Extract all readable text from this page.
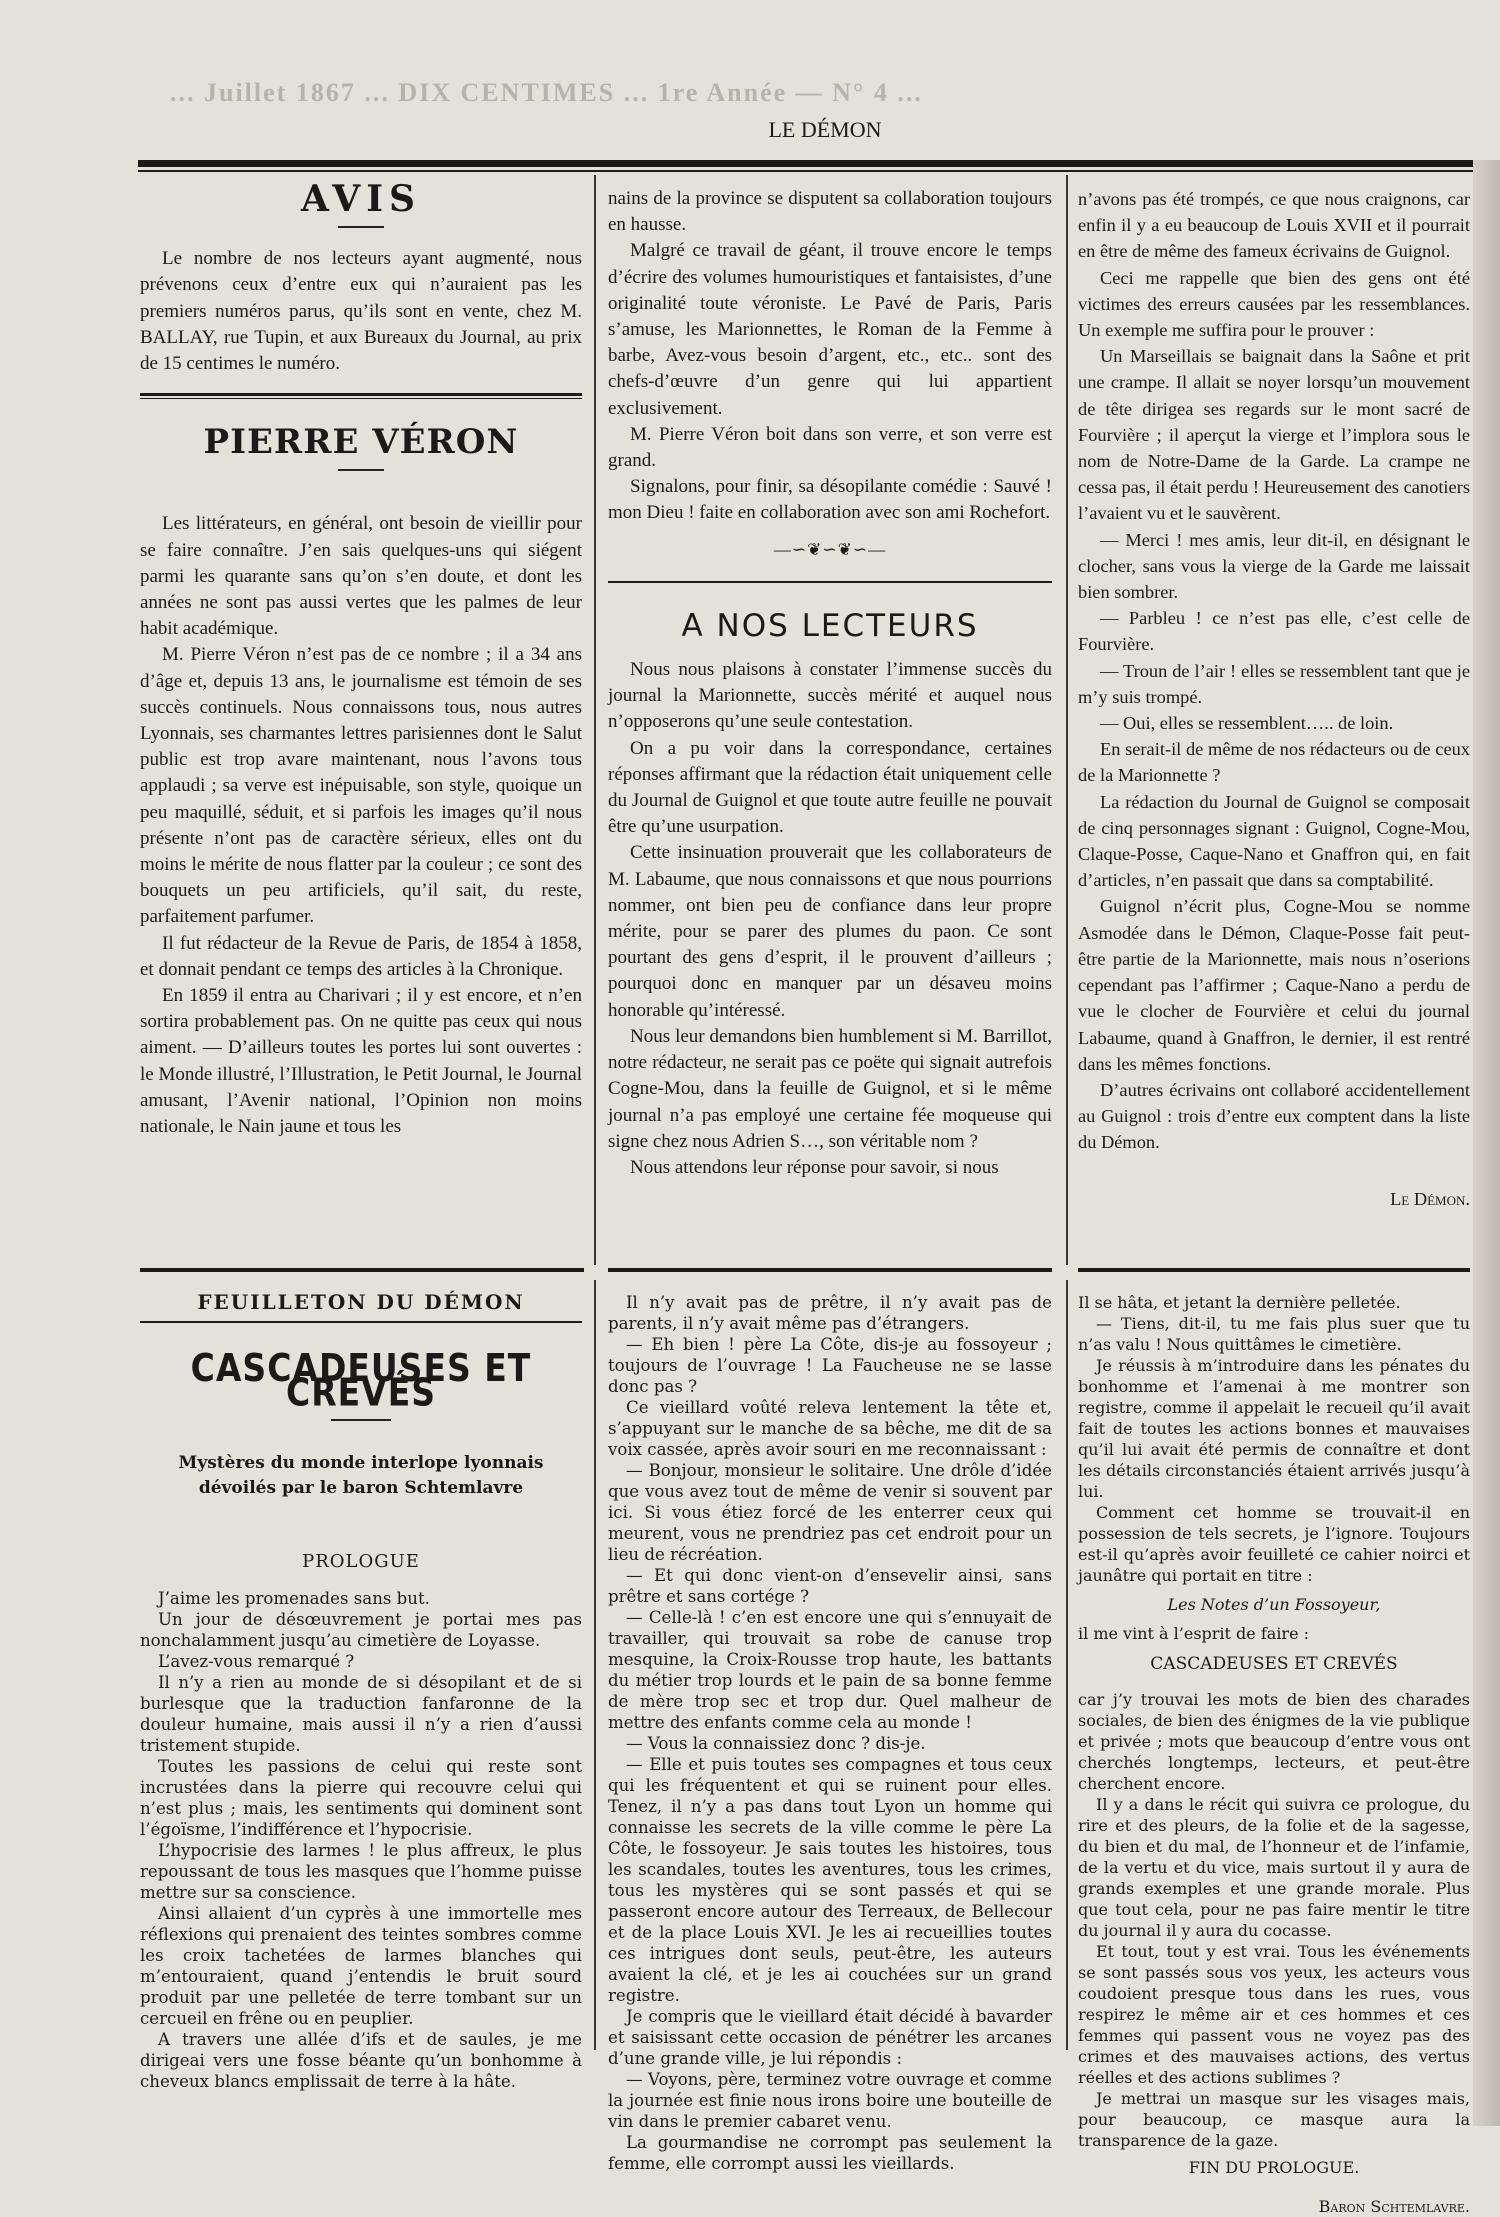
... Juillet 1867 ... DIX CENTIMES ... 1re Année — N° 4 ...
LE DÉMON
AVIS

Le nombre de nos lecteurs ayant augmenté, nous prévenons ceux d’entre eux qui n’auraient pas les premiers numéros parus, qu’ils sont en vente, chez M. BALLAY, rue Tupin, et aux Bureaux du Journal, au prix de 15 centimes le numéro.

PIERRE VÉRON

Les littérateurs, en général, ont besoin de vieillir pour se faire connaître. J’en sais quelques-uns qui siégent parmi les quarante sans qu’on s’en doute, et dont les années ne sont pas aussi vertes que les palmes de leur habit académique.

M. Pierre Véron n’est pas de ce nombre ; il a 34 ans d’âge et, depuis 13 ans, le journalisme est témoin de ses succès continuels. Nous connaissons tous, nous autres Lyonnais, ses charmantes lettres parisiennes dont le Salut public est trop avare maintenant, nous l’avons tous applaudi ; sa verve est inépuisable, son style, quoique un peu maquillé, séduit, et si parfois les images qu’il nous présente n’ont pas de caractère sérieux, elles ont du moins le mérite de nous flatter par la couleur ; ce sont des bouquets un peu artificiels, qu’il sait, du reste, parfaitement parfumer.

Il fut rédacteur de la Revue de Paris, de 1854 à 1858, et donnait pendant ce temps des articles à la Chronique.

En 1859 il entra au Charivari ; il y est encore, et n’en sortira probablement pas. On ne quitte pas ceux qui nous aiment. — D’ailleurs toutes les portes lui sont ouvertes : le Monde illustré, l’Illustration, le Petit Journal, le Journal amusant, l’Avenir national, l’Opinion non moins nationale, le Nain jaune et tous les

nains de la province se disputent sa collaboration toujours en hausse.

Malgré ce travail de géant, il trouve encore le temps d’écrire des volumes humouristiques et fantaisistes, d’une originalité toute véroniste. Le Pavé de Paris, Paris s’amuse, les Marionnettes, le Roman de la Femme à barbe, Avez-vous besoin d’argent, etc., etc.. sont des chefs-d’œuvre d’un genre qui lui appartient exclusivement.

M. Pierre Véron boit dans son verre, et son verre est grand.

Signalons, pour finir, sa désopilante comédie : Sauvé ! mon Dieu ! faite en collaboration avec son ami Rochefort.

—∽❦∽❦∽—
A NOS LECTEURS

Nous nous plaisons à constater l’immense succès du journal la Marionnette, succès mérité et auquel nous n’opposerons qu’une seule contestation.

On a pu voir dans la correspondance, certaines réponses affirmant que la rédaction était uniquement celle du Journal de Guignol et que toute autre feuille ne pouvait être qu’une usurpation.

Cette insinuation prouverait que les collaborateurs de M. Labaume, que nous connaissons et que nous pourrions nommer, ont bien peu de confiance dans leur propre mérite, pour se parer des plumes du paon. Ce sont pourtant des gens d’esprit, il le prouvent d’ailleurs ; pourquoi donc en manquer par un désaveu moins honorable qu’intéressé.

Nous leur demandons bien humblement si M. Barrillot, notre rédacteur, ne serait pas ce poëte qui signait autrefois Cogne-Mou, dans la feuille de Guignol, et si le même journal n’a pas employé une certaine fée moqueuse qui signe chez nous Adrien S…, son véritable nom ?

Nous attendons leur réponse pour savoir, si nous

n’avons pas été trompés, ce que nous craignons, car enfin il y a eu beaucoup de Louis XVII et il pourrait en être de même des fameux écrivains de Guignol.

Ceci me rappelle que bien des gens ont été victimes des erreurs causées par les ressemblances. Un exemple me suffira pour le prouver :

Un Marseillais se baignait dans la Saône et prit une crampe. Il allait se noyer lorsqu’un mouvement de tête dirigea ses regards sur le mont sacré de Fourvière ; il aperçut la vierge et l’implora sous le nom de Notre-Dame de la Garde. La crampe ne cessa pas, il était perdu ! Heureusement des canotiers l’avaient vu et le sauvèrent.

— Merci ! mes amis, leur dit-il, en désignant le clocher, sans vous la vierge de la Garde me laissait bien sombrer.

— Parbleu ! ce n’est pas elle, c’est celle de Fourvière.

— Troun de l’air ! elles se ressemblent tant que je m’y suis trompé.

— Oui, elles se ressemblent….. de loin.

En serait-il de même de nos rédacteurs ou de ceux de la Marionnette ?

La rédaction du Journal de Guignol se composait de cinq personnages signant : Guignol, Cogne-Mou, Claque-Posse, Caque-Nano et Gnaffron qui, en fait d’articles, n’en passait que dans sa comptabilité.

Guignol n’écrit plus, Cogne-Mou se nomme Asmodée dans le Démon, Claque-Posse fait peut-être partie de la Marionnette, mais nous n’oserions cependant pas l’affirmer ; Caque-Nano a perdu de vue le clocher de Fourvière et celui du journal Labaume, quand à Gnaffron, le dernier, il est rentré dans les mêmes fonctions.

D’autres écrivains ont collaboré accidentellement au Guignol : trois d’entre eux comptent dans la liste du Démon.

Le Démon.
FEUILLETON DU DÉMON
CASCADEUSES ET CREVÉS
Mystères du monde interlope lyonnais dévoilés par le baron Schtemlavre
PROLOGUE

J’aime les promenades sans but.

Un jour de désœuvrement je portai mes pas nonchalamment jusqu’au cimetière de Loyasse.

L’avez-vous remarqué ?

Il n’y a rien au monde de si désopilant et de si burlesque que la traduction fanfaronne de la douleur humaine, mais aussi il n’y a rien d’aussi tristement stupide.

Toutes les passions de celui qui reste sont incrustées dans la pierre qui recouvre celui qui n’est plus ; mais, les sentiments qui dominent sont l’égoïsme, l’indifférence et l’hypocrisie.

L’hypocrisie des larmes ! le plus affreux, le plus repoussant de tous les masques que l’homme puisse mettre sur sa conscience.

Ainsi allaient d’un cyprès à une immortelle mes réflexions qui prenaient des teintes sombres comme les croix tachetées de larmes blanches qui m’entouraient, quand j’entendis le bruit sourd produit par une pelletée de terre tombant sur un cercueil en frêne ou en peuplier.

A travers une allée d’ifs et de saules, je me dirigeai vers une fosse béante qu’un bonhomme à cheveux blancs emplissait de terre à la hâte.

Il n’y avait pas de prêtre, il n’y avait pas de parents, il n’y avait même pas d’étrangers.

— Eh bien ! père La Côte, dis-je au fossoyeur ; toujours de l’ouvrage ! La Faucheuse ne se lasse donc pas ?

Ce vieillard voûté releva lentement la tête et, s’appuyant sur le manche de sa bêche, me dit de sa voix cassée, après avoir souri en me reconnaissant :

— Bonjour, monsieur le solitaire. Une drôle d’idée que vous avez tout de même de venir si souvent par ici. Si vous étiez forcé de les enterrer ceux qui meurent, vous ne prendriez pas cet endroit pour un lieu de récréation.

— Et qui donc vient-on d’ensevelir ainsi, sans prêtre et sans cortége ?

— Celle-là ! c’en est encore une qui s’ennuyait de travailler, qui trouvait sa robe de canuse trop mesquine, la Croix-Rousse trop haute, les battants du métier trop lourds et le pain de sa bonne femme de mère trop sec et trop dur. Quel malheur de mettre des enfants comme cela au monde !

— Vous la connaissiez donc ? dis-je.

— Elle et puis toutes ses compagnes et tous ceux qui les fréquentent et qui se ruinent pour elles. Tenez, il n’y a pas dans tout Lyon un homme qui connaisse les secrets de la ville comme le père La Côte, le fossoyeur. Je sais toutes les histoires, tous les scandales, toutes les aventures, tous les crimes, tous les mystères qui se sont passés et qui se passeront encore autour des Terreaux, de Bellecour et de la place Louis XVI. Je les ai recueillies toutes ces intrigues dont seuls, peut-être, les auteurs avaient la clé, et je les ai couchées sur un grand registre.

Je compris que le vieillard était décidé à bavarder et saisissant cette occasion de pénétrer les arcanes d’une grande ville, je lui répondis :

— Voyons, père, terminez votre ouvrage et comme la journée est finie nous irons boire une bouteille de vin dans le premier cabaret venu.

La gourmandise ne corrompt pas seulement la femme, elle corrompt aussi les vieillards.

Il se hâta, et jetant la dernière pelletée.

— Tiens, dit-il, tu me fais plus suer que tu n’as valu ! Nous quittâmes le cimetière.

Je réussis à m’introduire dans les pénates du bonhomme et l’amenai à me montrer son registre, comme il appelait le recueil qu’il avait fait de toutes les actions bonnes et mauvaises qu’il lui avait été permis de connaître et dont les détails circonstanciés étaient arrivés jusqu’à lui.

Comment cet homme se trouvait-il en possession de tels secrets, je l’ignore. Toujours est-il qu’après avoir feuilleté ce cahier noirci et jaunâtre qui portait en titre :

Les Notes d’un Fossoyeur,

il me vint à l’esprit de faire :

CASCADEUSES ET CREVÉS

car j’y trouvai les mots de bien des charades sociales, de bien des énigmes de la vie publique et privée ; mots que beaucoup d’entre vous ont cherchés longtemps, lecteurs, et peut-être cherchent encore.

Il y a dans le récit qui suivra ce prologue, du rire et des pleurs, de la folie et de la sagesse, du bien et du mal, de l’honneur et de l’infamie, de la vertu et du vice, mais surtout il y aura de grands exemples et une grande morale. Plus que tout cela, pour ne pas faire mentir le titre du journal il y aura du cocasse.

Et tout, tout y est vrai. Tous les événements se sont passés sous vos yeux, les acteurs vous coudoient presque tous dans les rues, vous respirez le même air et ces hommes et ces femmes qui passent vous ne voyez pas des crimes et des mauvaises actions, des vertus réelles et des actions sublimes ?

Je mettrai un masque sur les visages mais, pour beaucoup, ce masque aura la transparence de la gaze.

FIN DU PROLOGUE.

Baron Schtemlavre.
